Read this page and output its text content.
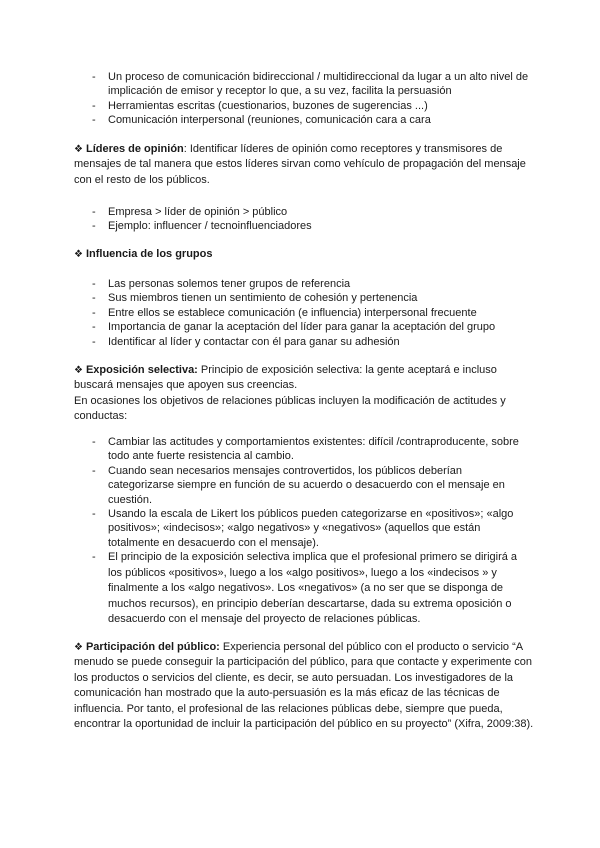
- Un proceso de comunicación bidireccional / multidireccional da lugar a un alto nivel de implicación de emisor y receptor lo que, a su vez, facilita la persuasión
- Herramientas escritas (cuestionarios, buzones de sugerencias ...)
- Comunicación interpersonal (reuniones, comunicación cara a cara

❖ Líderes de opinión: Identificar líderes de opinión como receptores y transmisores de mensajes de tal manera que estos líderes sirvan como vehículo de propagación del mensaje con el resto de los públicos.

- Empresa > líder de opinión > público
- Ejemplo: influencer / tecnoinfluenciadores

❖ Influencia de los grupos

- Las personas solemos tener grupos de referencia
- Sus miembros tienen un sentimiento de cohesión y pertenencia
- Entre ellos se establece comunicación (e influencia) interpersonal frecuente
- Importancia de ganar la aceptación del líder para ganar la aceptación del grupo
- Identificar al líder y contactar con él para ganar su adhesión

❖ Exposición selectiva: Principio de exposición selectiva: la gente aceptará e incluso buscará mensajes que apoyen sus creencias.

En ocasiones los objetivos de relaciones públicas incluyen la modificación de actitudes y conductas:

- Cambiar las actitudes y comportamientos existentes: difícil /contraproducente, sobre todo ante fuerte resistencia al cambio.
- Cuando sean necesarios mensajes controvertidos, los públicos deberían categorizarse siempre en función de su acuerdo o desacuerdo con el mensaje en cuestión.
- Usando la escala de Likert los públicos pueden categorizarse en «positivos»; «algo positivos»; «indecisos»; «algo negativos» y «negativos» (aquellos que están totalmente en desacuerdo con el mensaje).
- El principio de la exposición selectiva implica que el profesional primero se dirigirá a los públicos «positivos», luego a los «algo positivos», luego a los «indecisos » y finalmente a los «algo negativos». Los «negativos» (a no ser que se disponga de muchos recursos), en principio deberían descartarse, dada su extrema oposición o desacuerdo con el mensaje del proyecto de relaciones públicas.

❖ Participación del público: Experiencia personal del público con el producto o servicio “A menudo se puede conseguir la participación del público, para que contacte y experimente con los productos o servicios del cliente, es decir, se auto persuadan. Los investigadores de la comunicación han mostrado que la auto-persuasión es la más eficaz de las técnicas de influencia. Por tanto, el profesional de las relaciones públicas debe, siempre que pueda, encontrar la oportunidad de incluir la participación del público en su proyecto” (Xifra, 2009:38).
